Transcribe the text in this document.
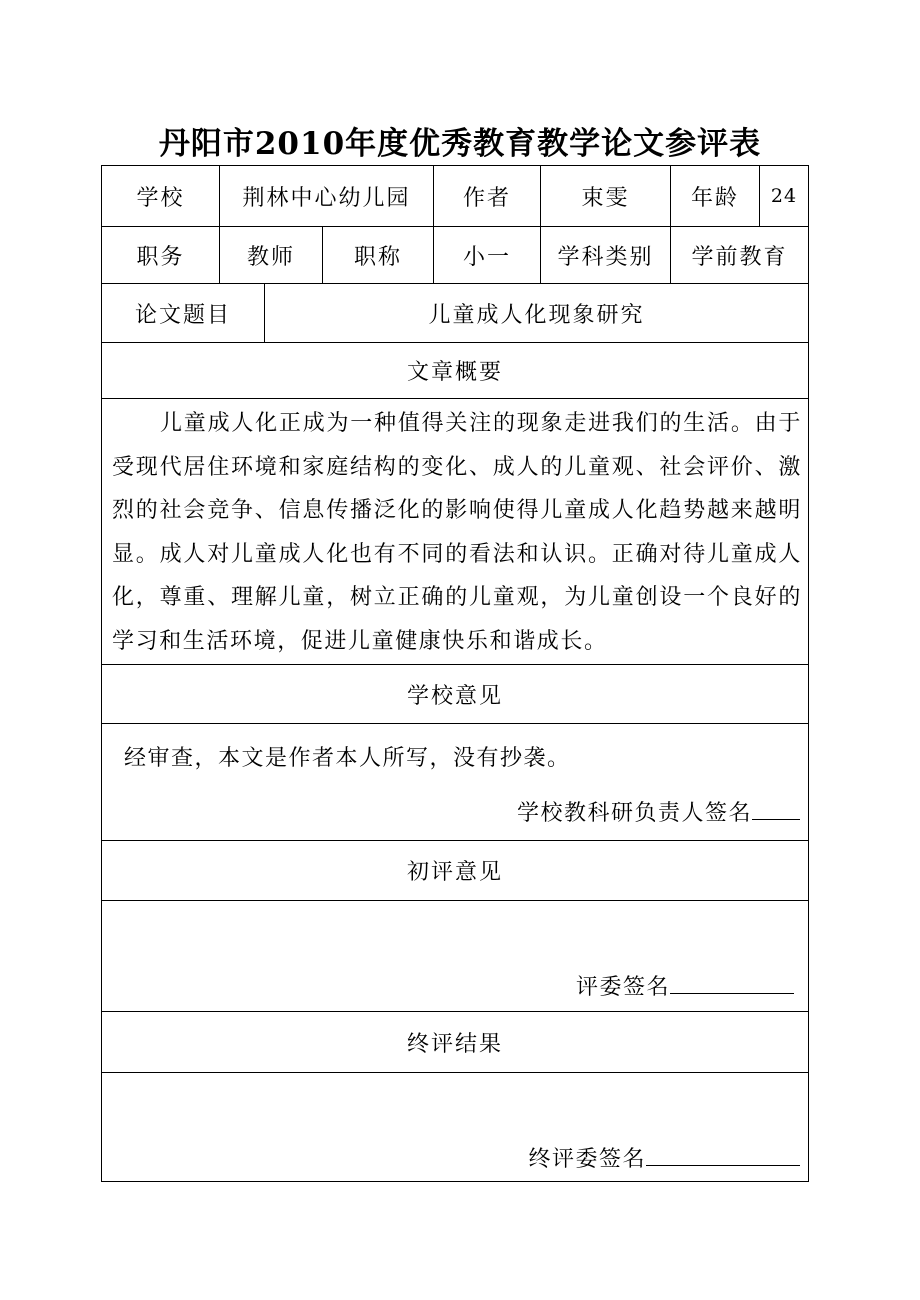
丹阳市2010年度优秀教育教学论文参评表
学校	荆林中心幼儿园	作者	束雯	年龄	24
职务	教师	职称	小一	学科类别	学前教育
论文题目	儿童成人化现象研究
文章概要

儿童成人化正成为一种值得关注的现象走进我们的生活。由于受现代居住环境和家庭结构的变化、成人的儿童观、社会评价、激烈的社会竞争、信息传播泛化的影响使得儿童成人化趋势越来越明显。成人对儿童成人化也有不同的看法和认识。正确对待儿童成人化，尊重、理解儿童，树立正确的儿童观，为儿童创设一个良好的学习和生活环境，促进儿童健康快乐和谐成长。

学校意见
经审查，本文是作者本人所写，没有抄袭。
学校教科研负责人签名
初评意见
评委签名
终评结果
终评委签名
